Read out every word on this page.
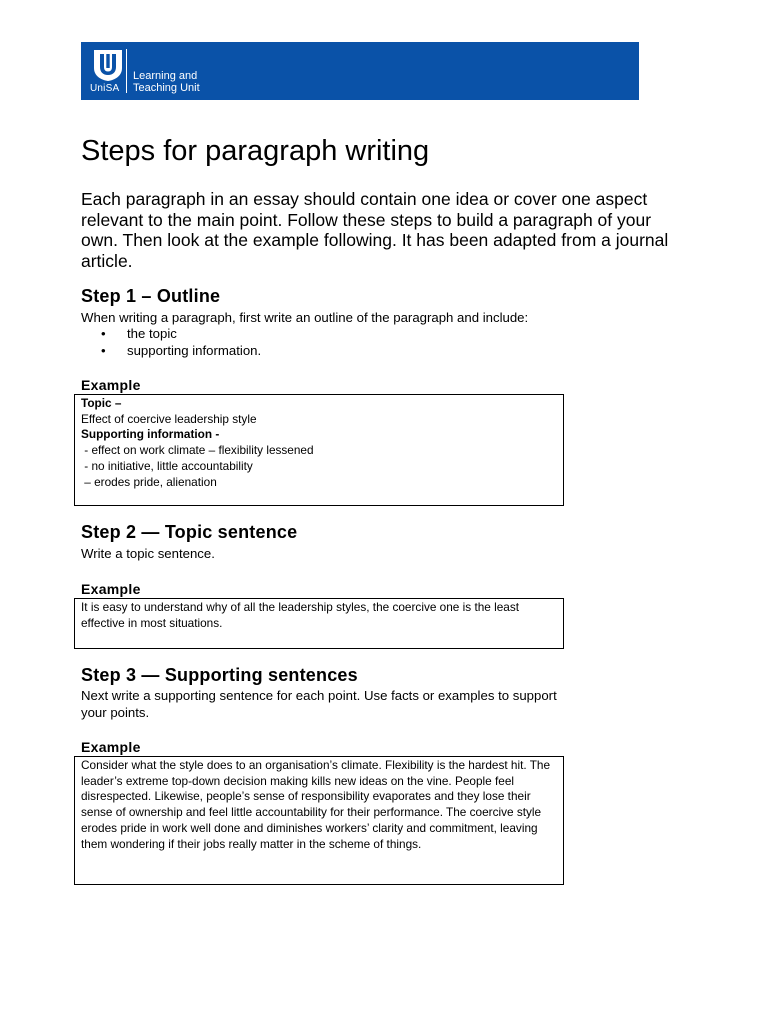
UniSA
Learning and
Teaching Unit
Steps for paragraph writing

Each paragraph in an essay should contain one idea or cover one aspect relevant to the main point. Follow these steps to build a paragraph of your own. Then look at the example following. It has been adapted from a journal article.

Step 1 – Outline

When writing a paragraph, first write an outline of the paragraph and include:

• the topic
• supporting information.
Example
Topic –
Effect of coercive leadership style
Supporting information -
- effect on work climate – flexibility lessened
- no initiative, little accountability
– erodes pride, alienation
Step 2 — Topic sentence

Write a topic sentence.

Example

It is easy to understand why of all the leadership styles, the coercive one is the least effective in most situations.

Step 3 — Supporting sentences

Next write a supporting sentence for each point. Use facts or examples to support your points.

Example

Consider what the style does to an organisation’s climate. Flexibility is the hardest hit. The leader’s extreme top-down decision making kills new ideas on the vine. People feel disrespected. Likewise, people’s sense of responsibility evaporates and they lose their sense of ownership and feel little accountability for their performance. The coercive style erodes pride in work well done and diminishes workers’ clarity and commitment, leaving them wondering if their jobs really matter in the scheme of things.
